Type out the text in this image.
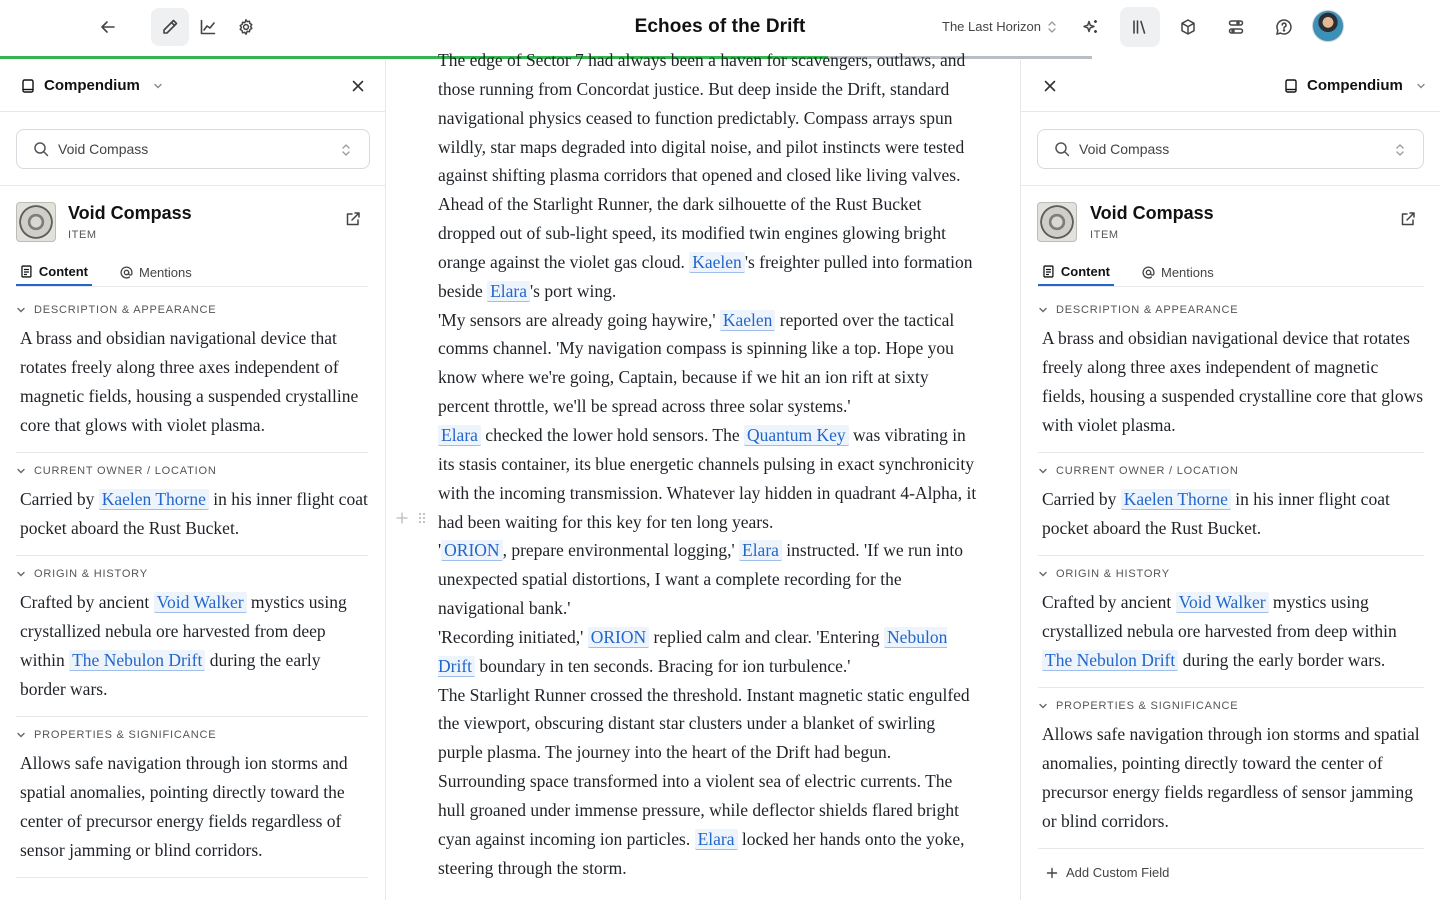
Echoes of the Drift	The Last Horizon
Compendium
Void Compass
Void Compass
ITEM
Content	Mentions
DESCRIPTION & APPEARANCE
A brass and obsidian navigational device that rotates freely along three axes independent of magnetic fields, housing a suspended crystalline core that glows with violet plasma.
CURRENT OWNER / LOCATION
Carried by Kaelen Thorne in his inner flight coat pocket aboard the Rust Bucket.
ORIGIN & HISTORY
Crafted by ancient Void Walker mystics using crystallized nebula ore harvested from deep within The Nebulon Drift during the early border wars.
PROPERTIES & SIGNIFICANCE
Allows safe navigation through ion storms and spatial anomalies, pointing directly toward the center of precursor energy fields regardless of sensor jamming or blind corridors.

The edge of Sector 7 had always been a haven for scavengers, outlaws, and those running from Concordat justice. But deep inside the Drift, standard navigational physics ceased to function predictably. Compass arrays spun wildly, star maps degraded into digital noise, and pilot instincts were tested against shifting plasma corridors that opened and closed like living valves.

Ahead of the Starlight Runner, the dark silhouette of the Rust Bucket dropped out of sub-light speed, its modified twin engines glowing bright orange against the violet gas cloud. Kaelen 's freighter pulled into formation beside Elara 's port wing.

'My sensors are already going haywire,' Kaelen reported over the tactical comms channel. 'My navigation compass is spinning like a top. Hope you know where we're going, Captain, because if we hit an ion rift at sixty percent throttle, we'll be spread across three solar systems.'

Elara checked the lower hold sensors. The Quantum Key was vibrating in its stasis container, its blue energetic channels pulsing in exact synchronicity with the incoming transmission. Whatever lay hidden in quadrant 4-Alpha, it had been waiting for this key for ten long years.

' ORION , prepare environmental logging,' Elara instructed. 'If we run into unexpected spatial distortions, I want a complete recording for the navigational bank.'

'Recording initiated,' ORION replied calm and clear. 'Entering Nebulon Drift boundary in ten seconds. Bracing for ion turbulence.'

The Starlight Runner crossed the threshold. Instant magnetic static engulfed the viewport, obscuring distant star clusters under a blanket of swirling purple plasma. The journey into the heart of the Drift had begun.

Surrounding space transformed into a violent sea of electric currents. The hull groaned under immense pressure, while deflector shields flared bright cyan against incoming ion particles. Elara locked her hands onto the yoke, steering through the storm.

Compendium
Void Compass
Void Compass
ITEM
Content	Mentions
DESCRIPTION & APPEARANCE
A brass and obsidian navigational device that rotates freely along three axes independent of magnetic fields, housing a suspended crystalline core that glows with violet plasma.
CURRENT OWNER / LOCATION
Carried by Kaelen Thorne in his inner flight coat pocket aboard the Rust Bucket.
ORIGIN & HISTORY
Crafted by ancient Void Walker mystics using crystallized nebula ore harvested from deep within The Nebulon Drift during the early border wars.
PROPERTIES & SIGNIFICANCE
Allows safe navigation through ion storms and spatial anomalies, pointing directly toward the center of precursor energy fields regardless of sensor jamming or blind corridors.
Add Custom Field
